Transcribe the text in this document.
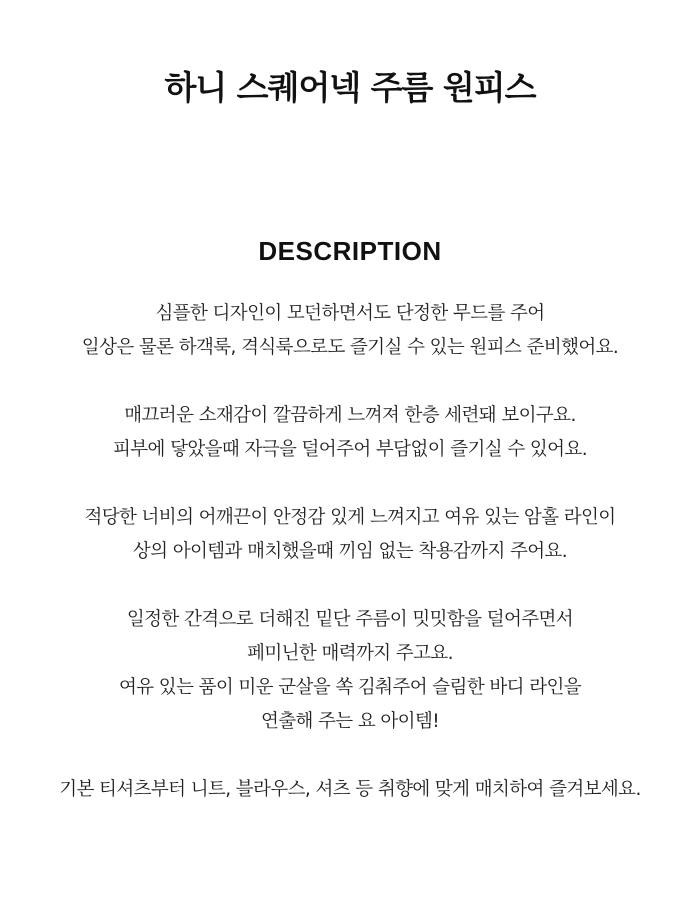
하니 스퀘어넥 주름 원피스
DESCRIPTION

심플한 디자인이 모던하면서도 단정한 무드를 주어
일상은 물론 하객룩, 격식룩으로도 즐기실 수 있는 원피스 준비했어요.

매끄러운 소재감이 깔끔하게 느껴져 한층 세련돼 보이구요.
피부에 닿았을때 자극을 덜어주어 부담없이 즐기실 수 있어요.

적당한 너비의 어깨끈이 안정감 있게 느껴지고 여유 있는 암홀 라인이
상의 아이템과 매치했을때 끼임 없는 착용감까지 주어요.

일정한 간격으로 더해진 밑단 주름이 밋밋함을 덜어주면서
페미닌한 매력까지 주고요.
여유 있는 품이 미운 군살을 쏙 김춰주어 슬림한 바디 라인을
연출해 주는 요 아이템!

기본 티셔츠부터 니트, 블라우스, 셔츠 등 취향에 맞게 매치하여 즐겨보세요.
